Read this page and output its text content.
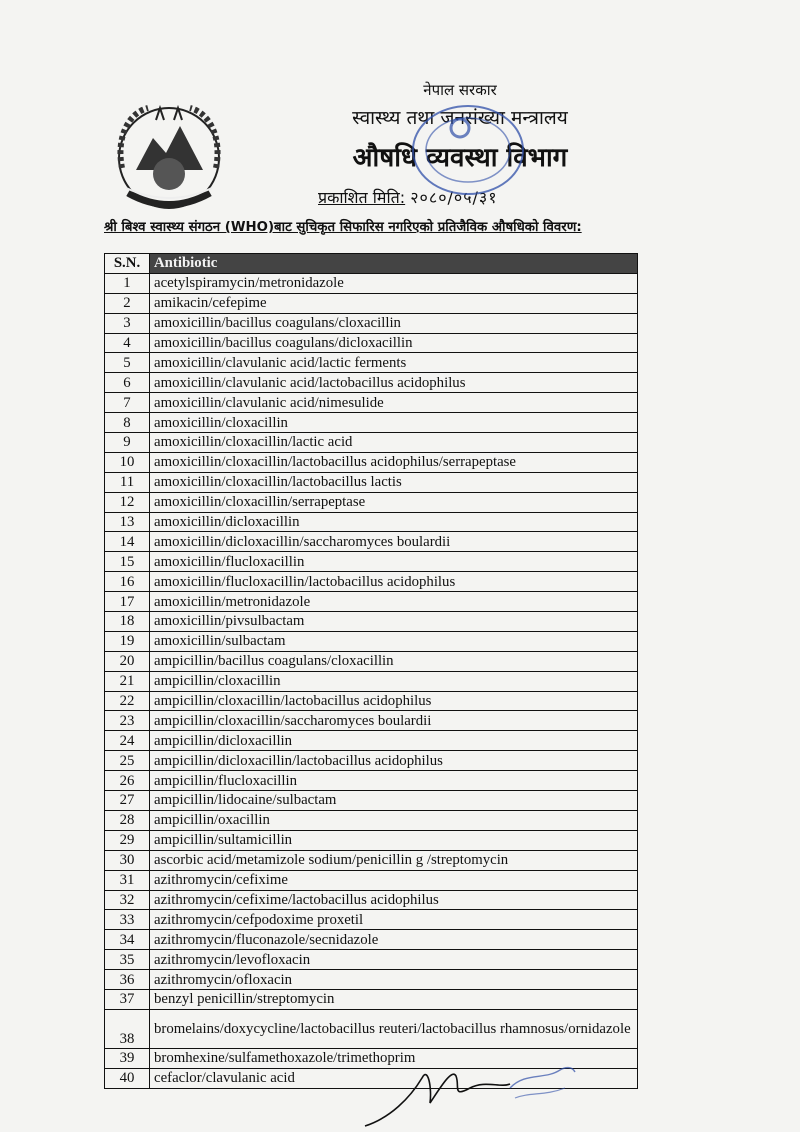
नेपाल सरकार
स्वास्थ्य तथा जनसंख्या मन्त्रालय
औषधि व्यवस्था विभाग
प्रकाशित मिति: २०८०/०५/३१
श्री बिश्व स्वास्थ्य संगठन (WHO)बाट सुचिकृत सिफारिस नगरिएको प्रतिजैविक औषधिको विवरण:
S.N.	Antibiotic
1	acetylspiramycin/metronidazole
2	amikacin/cefepime
3	amoxicillin/bacillus coagulans/cloxacillin
4	amoxicillin/bacillus coagulans/dicloxacillin
5	amoxicillin/clavulanic acid/lactic ferments
6	amoxicillin/clavulanic acid/lactobacillus acidophilus
7	amoxicillin/clavulanic acid/nimesulide
8	amoxicillin/cloxacillin
9	amoxicillin/cloxacillin/lactic acid
10	amoxicillin/cloxacillin/lactobacillus acidophilus/serrapeptase
11	amoxicillin/cloxacillin/lactobacillus lactis
12	amoxicillin/cloxacillin/serrapeptase
13	amoxicillin/dicloxacillin
14	amoxicillin/dicloxacillin/saccharomyces boulardii
15	amoxicillin/flucloxacillin
16	amoxicillin/flucloxacillin/lactobacillus acidophilus
17	amoxicillin/metronidazole
18	amoxicillin/pivsulbactam
19	amoxicillin/sulbactam
20	ampicillin/bacillus coagulans/cloxacillin
21	ampicillin/cloxacillin
22	ampicillin/cloxacillin/lactobacillus acidophilus
23	ampicillin/cloxacillin/saccharomyces boulardii
24	ampicillin/dicloxacillin
25	ampicillin/dicloxacillin/lactobacillus acidophilus
26	ampicillin/flucloxacillin
27	ampicillin/lidocaine/sulbactam
28	ampicillin/oxacillin
29	ampicillin/sultamicillin
30	ascorbic acid/metamizole sodium/penicillin g /streptomycin
31	azithromycin/cefixime
32	azithromycin/cefixime/lactobacillus acidophilus
33	azithromycin/cefpodoxime proxetil
34	azithromycin/fluconazole/secnidazole
35	azithromycin/levofloxacin
36	azithromycin/ofloxacin
37	benzyl penicillin/streptomycin
38	bromelains/doxycycline/lactobacillus reuteri/lactobacillus rhamnosus/ornidazole
39	bromhexine/sulfamethoxazole/trimethoprim
40	cefaclor/clavulanic acid
